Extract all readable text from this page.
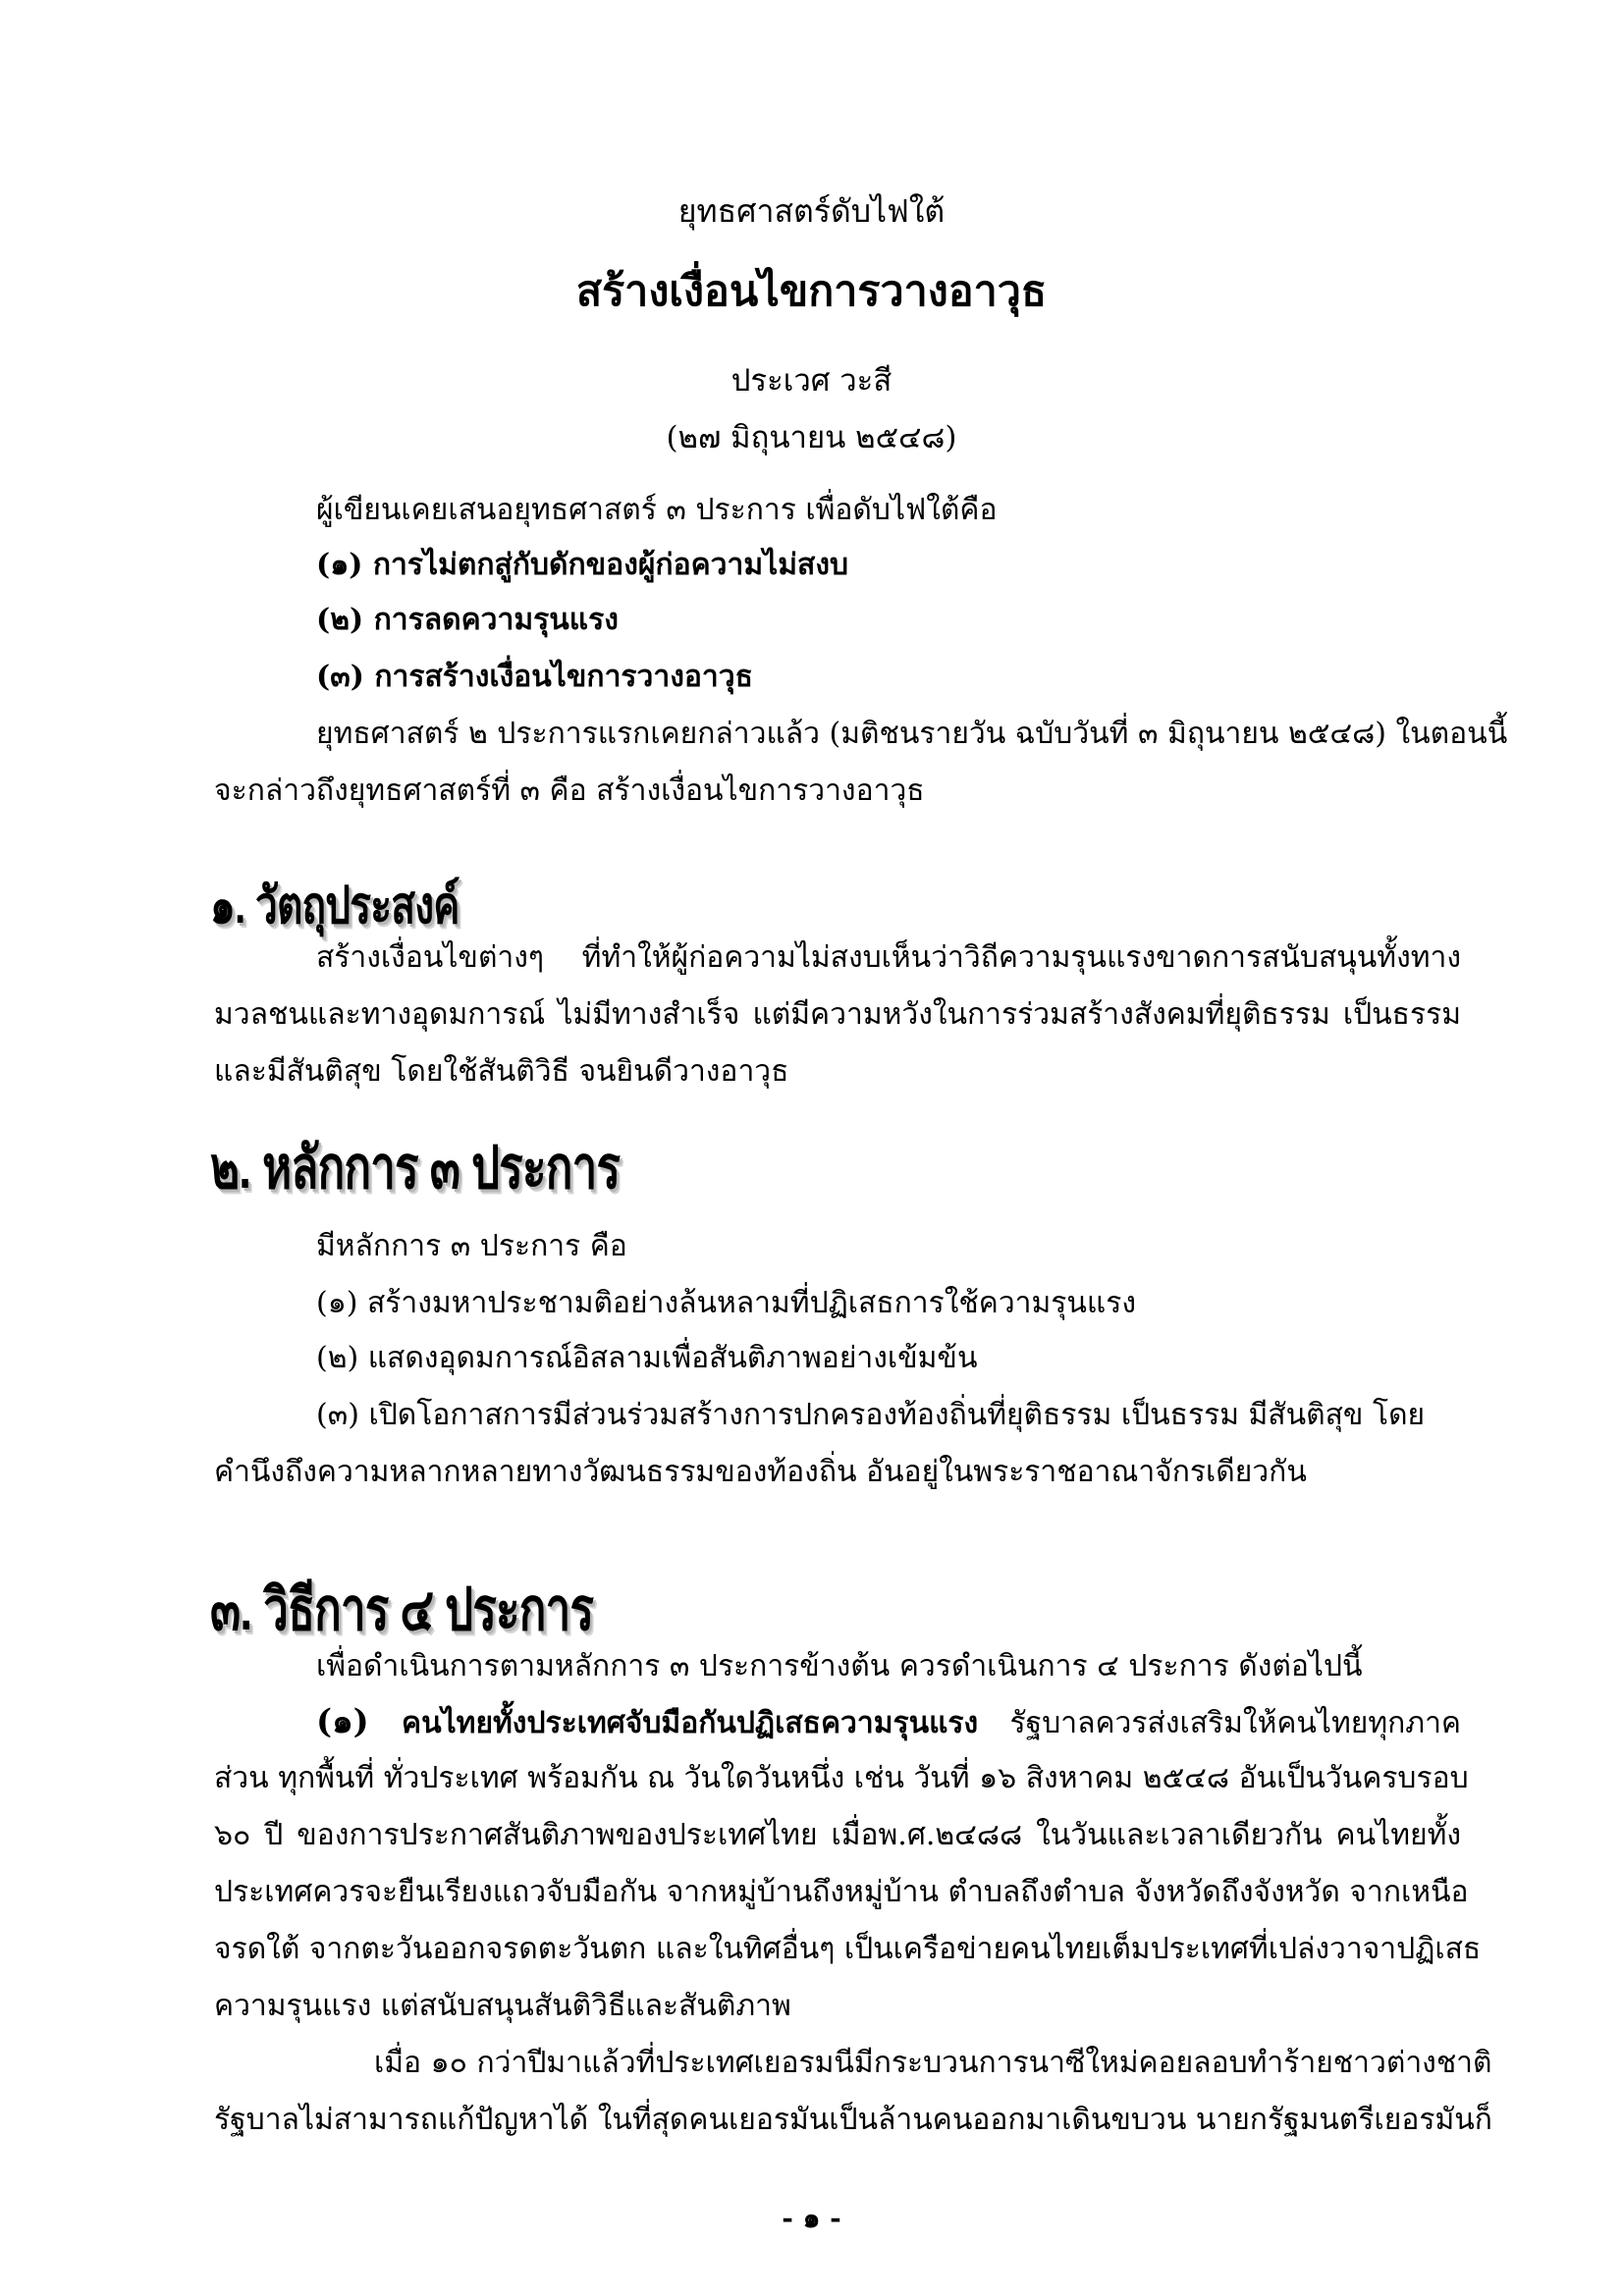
ยุทธศาสตร์ดับไฟใต้
สร้างเงื่อนไขการวางอาวุธ
ประเวศ วะสี
(๒๗ มิถุนายน ๒๕๔๘)
ผู้เขียนเคยเสนอยุทธศาสตร์ ๓ ประการ เพื่อดับไฟใต้คือ
(๑) การไม่ตกสู่กับดักของผู้ก่อความไม่สงบ
(๒) การลดความรุนแรง
(๓) การสร้างเงื่อนไขการวางอาวุธ
ยุทธศาสตร์ ๒ ประการแรกเคยกล่าวแล้ว (มติชนรายวัน ฉบับวันที่ ๓ มิถุนายน ๒๕๔๘) ในตอนนี้
จะกล่าวถึงยุทธศาสตร์ที่ ๓ คือ สร้างเงื่อนไขการวางอาวุธ
๑. วัตถุประสงค์
สร้างเงื่อนไขต่างๆ ที่ทำให้ผู้ก่อความไม่สงบเห็นว่าวิถีความรุนแรงขาดการสนับสนุนทั้งทาง
มวลชนและทางอุดมการณ์ ไม่มีทางสำเร็จ แต่มีความหวังในการร่วมสร้างสังคมที่ยุติธรรม เป็นธรรม
และมีสันติสุข โดยใช้สันติวิธี จนยินดีวางอาวุธ
๒. หลักการ ๓ ประการ
มีหลักการ ๓ ประการ คือ
(๑) สร้างมหาประชามติอย่างล้นหลามที่ปฏิเสธการใช้ความรุนแรง
(๒) แสดงอุดมการณ์อิสลามเพื่อสันติภาพอย่างเข้มข้น
(๓) เปิดโอกาสการมีส่วนร่วมสร้างการปกครองท้องถิ่นที่ยุติธรรม เป็นธรรม มีสันติสุข โดย
คำนึงถึงความหลากหลายทางวัฒนธรรมของท้องถิ่น อันอยู่ในพระราชอาณาจักรเดียวกัน
๓. วิธีการ ๔ ประการ
เพื่อดำเนินการตามหลักการ ๓ ประการข้างต้น ควรดำเนินการ ๔ ประการ ดังต่อไปนี้
(๑) คนไทยทั้งประเทศจับมือกันปฏิเสธความรุนแรง รัฐบาลควรส่งเสริมให้คนไทยทุกภาค
ส่วน ทุกพื้นที่ ทั่วประเทศ พร้อมกัน ณ วันใดวันหนึ่ง เช่น วันที่ ๑๖ สิงหาคม ๒๕๔๘ อันเป็นวันครบรอบ
๖๐ ปี ของการประกาศสันติภาพของประเทศไทย เมื่อพ.ศ.๒๔๘๘ ในวันและเวลาเดียวกัน คนไทยทั้ง
ประเทศควรจะยืนเรียงแถวจับมือกัน จากหมู่บ้านถึงหมู่บ้าน ตำบลถึงตำบล จังหวัดถึงจังหวัด จากเหนือ
จรดใต้ จากตะวันออกจรดตะวันตก และในทิศอื่นๆ เป็นเครือข่ายคนไทยเต็มประเทศที่เปล่งวาจาปฏิเสธ
ความรุนแรง แต่สนับสนุนสันติวิธีและสันติภาพ
เมื่อ ๑๐ กว่าปีมาแล้วที่ประเทศเยอรมนีมีกระบวนการนาซีใหม่คอยลอบทำร้ายชาวต่างชาติ
รัฐบาลไม่สามารถแก้ปัญหาได้ ในที่สุดคนเยอรมันเป็นล้านคนออกมาเดินขบวน นายกรัฐมนตรีเยอรมันก็
- ๑ -
